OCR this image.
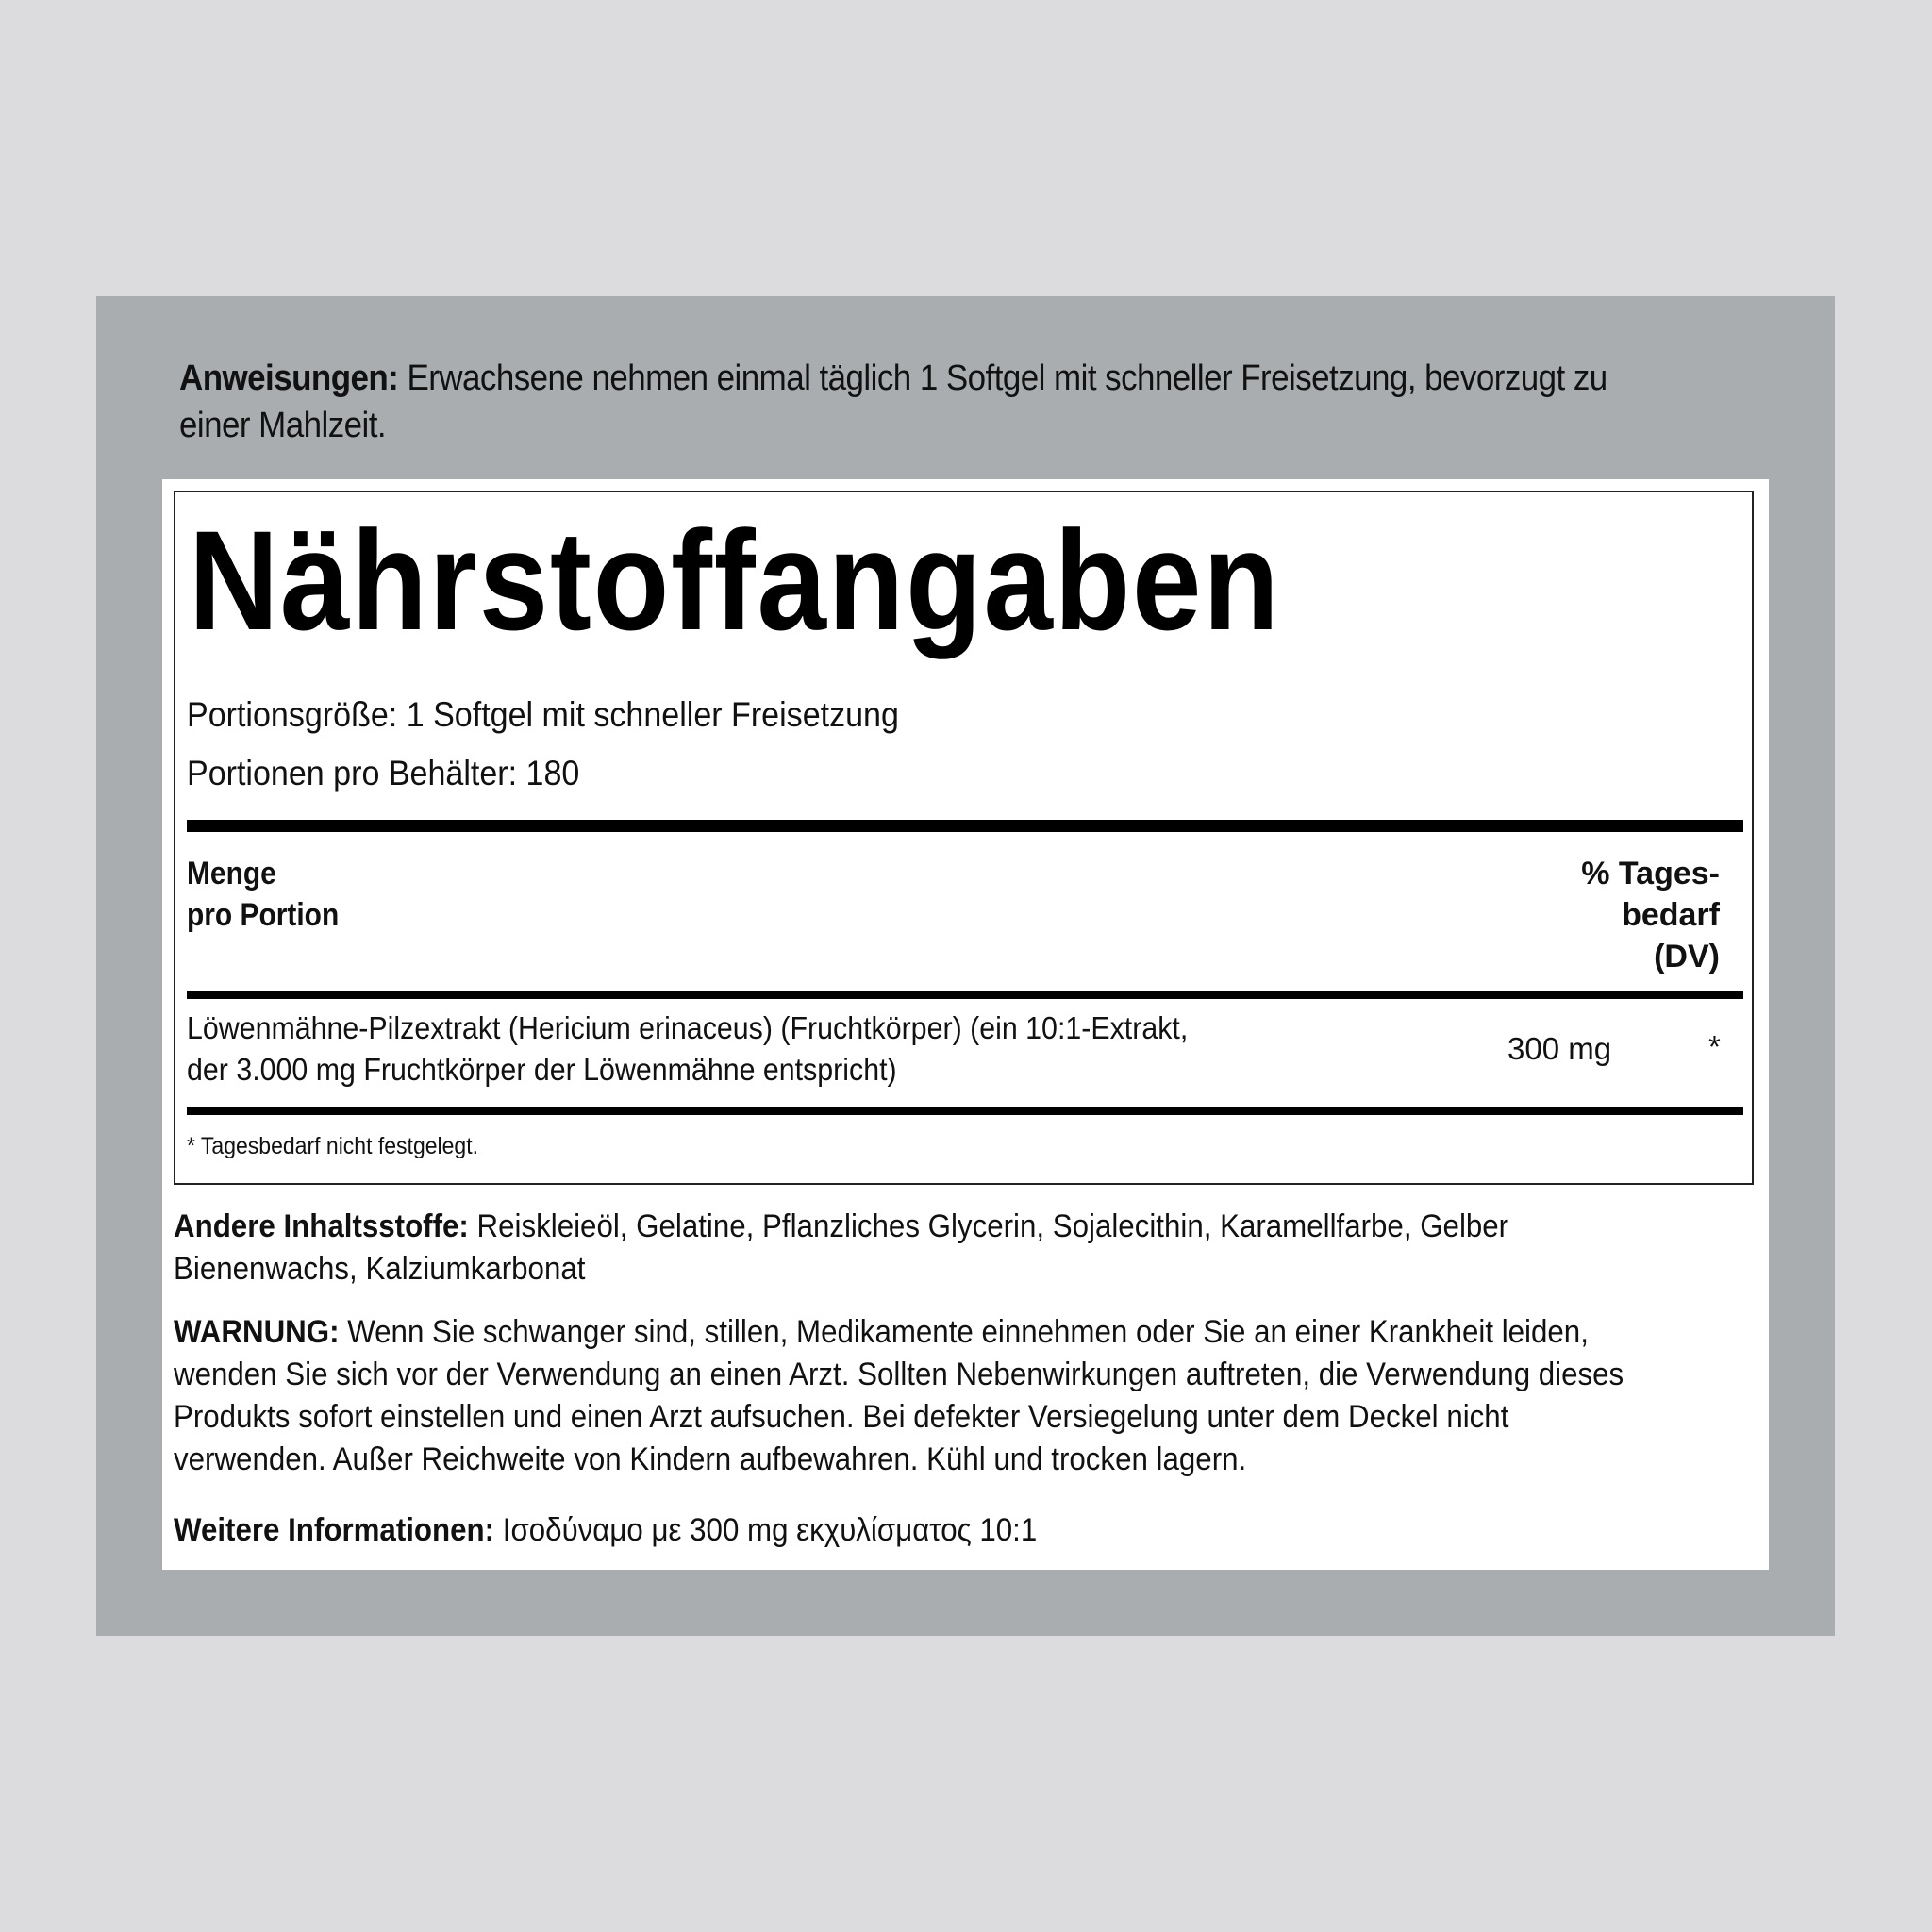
Anweisungen: Erwachsene nehmen einmal täglich 1 Softgel mit schneller Freisetzung, bevorzugt zu einer Mahlzeit.
Nährstoffangaben
Portionsgröße: 1 Softgel mit schneller Freisetzung
Portionen pro Behälter: 180
Menge
pro Portion
% Tages-
bedarf
(DV)
Löwenmähne-Pilzextrakt (Hericium erinaceus) (Fruchtkörper) (ein 10:1-Extrakt,
der 3.000 mg Fruchtkörper der Löwenmähne entspricht)
300 mg	*
* Tagesbedarf nicht festgelegt.
Andere Inhaltsstoffe: Reiskleieöl, Gelatine, Pflanzliches Glycerin, Sojalecithin, Karamellfarbe, Gelber Bienenwachs, Kalziumkarbonat
WARNUNG: Wenn Sie schwanger sind, stillen, Medikamente einnehmen oder Sie an einer Krankheit leiden, wenden Sie sich vor der Verwendung an einen Arzt. Sollten Nebenwirkungen auftreten, die Verwendung dieses Produkts sofort einstellen und einen Arzt aufsuchen. Bei defekter Versiegelung unter dem Deckel nicht verwenden. Außer Reichweite von Kindern aufbewahren. Kühl und trocken lagern.
Weitere Informationen: Ισοδύναμο με 300 mg εκχυλίσματος 10:1
